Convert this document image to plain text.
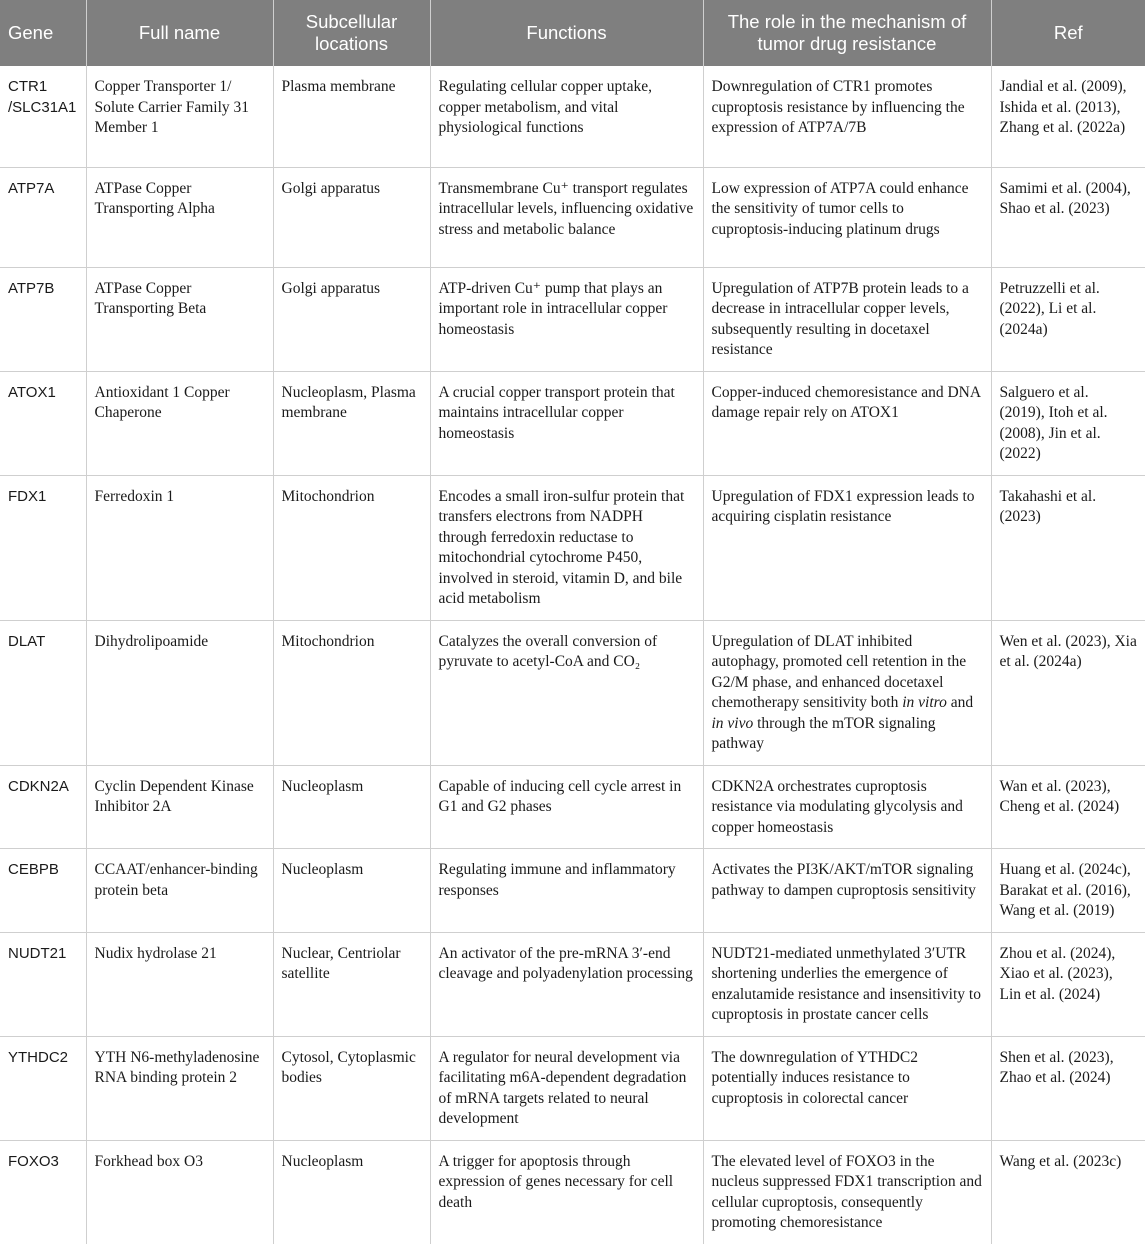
Gene	Full name	Subcellular locations	Functions	The role in the mechanism of tumor drug resistance	Ref
CTR1 /SLC31A1	Copper Transporter 1/ Solute Carrier Family 31 Member 1	Plasma membrane	Regulating cellular copper uptake, copper metabolism, and vital physiological functions	Downregulation of CTR1 promotes cuproptosis resistance by influencing the expression of ATP7A/7B	Jandial et al. (2009), Ishida et al. (2013), Zhang et al. (2022a)
ATP7A	ATPase Copper Transporting Alpha	Golgi apparatus	Transmembrane Cu⁺ transport regulates intracellular levels, influencing oxidative stress and metabolic balance	Low expression of ATP7A could enhance the sensitivity of tumor cells to cuproptosis-inducing platinum drugs	Samimi et al. (2004), Shao et al. (2023)
ATP7B	ATPase Copper Transporting Beta	Golgi apparatus	ATP-driven Cu⁺ pump that plays an important role in intracellular copper homeostasis	Upregulation of ATP7B protein leads to a decrease in intracellular copper levels, subsequently resulting in docetaxel resistance	Petruzzelli et al. (2022), Li et al. (2024a)
ATOX1	Antioxidant 1 Copper Chaperone	Nucleoplasm, Plasma membrane	A crucial copper transport protein that maintains intracellular copper homeostasis	Copper-induced chemoresistance and DNA damage repair rely on ATOX1	Salguero et al. (2019), Itoh et al. (2008), Jin et al. (2022)
FDX1	Ferredoxin 1	Mitochondrion	Encodes a small iron-sulfur protein that transfers electrons from NADPH through ferredoxin reductase to mitochondrial cytochrome P450, involved in steroid, vitamin D, and bile acid metabolism	Upregulation of FDX1 expression leads to acquiring cisplatin resistance	Takahashi et al. (2023)
DLAT	Dihydrolipoamide	Mitochondrion	Catalyzes the overall conversion of pyruvate to acetyl-CoA and CO₂	Upregulation of DLAT inhibited autophagy, promoted cell retention in the G2/M phase, and enhanced docetaxel chemotherapy sensitivity both in vitro and in vivo through the mTOR signaling pathway	Wen et al. (2023), Xia et al. (2024a)
CDKN2A	Cyclin Dependent Kinase Inhibitor 2A	Nucleoplasm	Capable of inducing cell cycle arrest in G1 and G2 phases	CDKN2A orchestrates cuproptosis resistance via modulating glycolysis and copper homeostasis	Wan et al. (2023), Cheng et al. (2024)
CEBPB	CCAAT/enhancer-binding protein beta	Nucleoplasm	Regulating immune and inflammatory responses	Activates the PI3K/AKT/mTOR signaling pathway to dampen cuproptosis sensitivity	Huang et al. (2024c), Barakat et al. (2016), Wang et al. (2019)
NUDT21	Nudix hydrolase 21	Nuclear, Centriolar satellite	An activator of the pre-mRNA 3′-end cleavage and polyadenylation processing	NUDT21-mediated unmethylated 3′UTR shortening underlies the emergence of enzalutamide resistance and insensitivity to cuproptosis in prostate cancer cells	Zhou et al. (2024), Xiao et al. (2023), Lin et al. (2024)
YTHDC2	YTH N6-methyladenosine RNA binding protein 2	Cytosol, Cytoplasmic bodies	A regulator for neural development via facilitating m6A-dependent degradation of mRNA targets related to neural development	The downregulation of YTHDC2 potentially induces resistance to cuproptosis in colorectal cancer	Shen et al. (2023), Zhao et al. (2024)
FOXO3	Forkhead box O3	Nucleoplasm	A trigger for apoptosis through expression of genes necessary for cell death	The elevated level of FOXO3 in the nucleus suppressed FDX1 transcription and cellular cuproptosis, consequently promoting chemoresistance	Wang et al. (2023c)
